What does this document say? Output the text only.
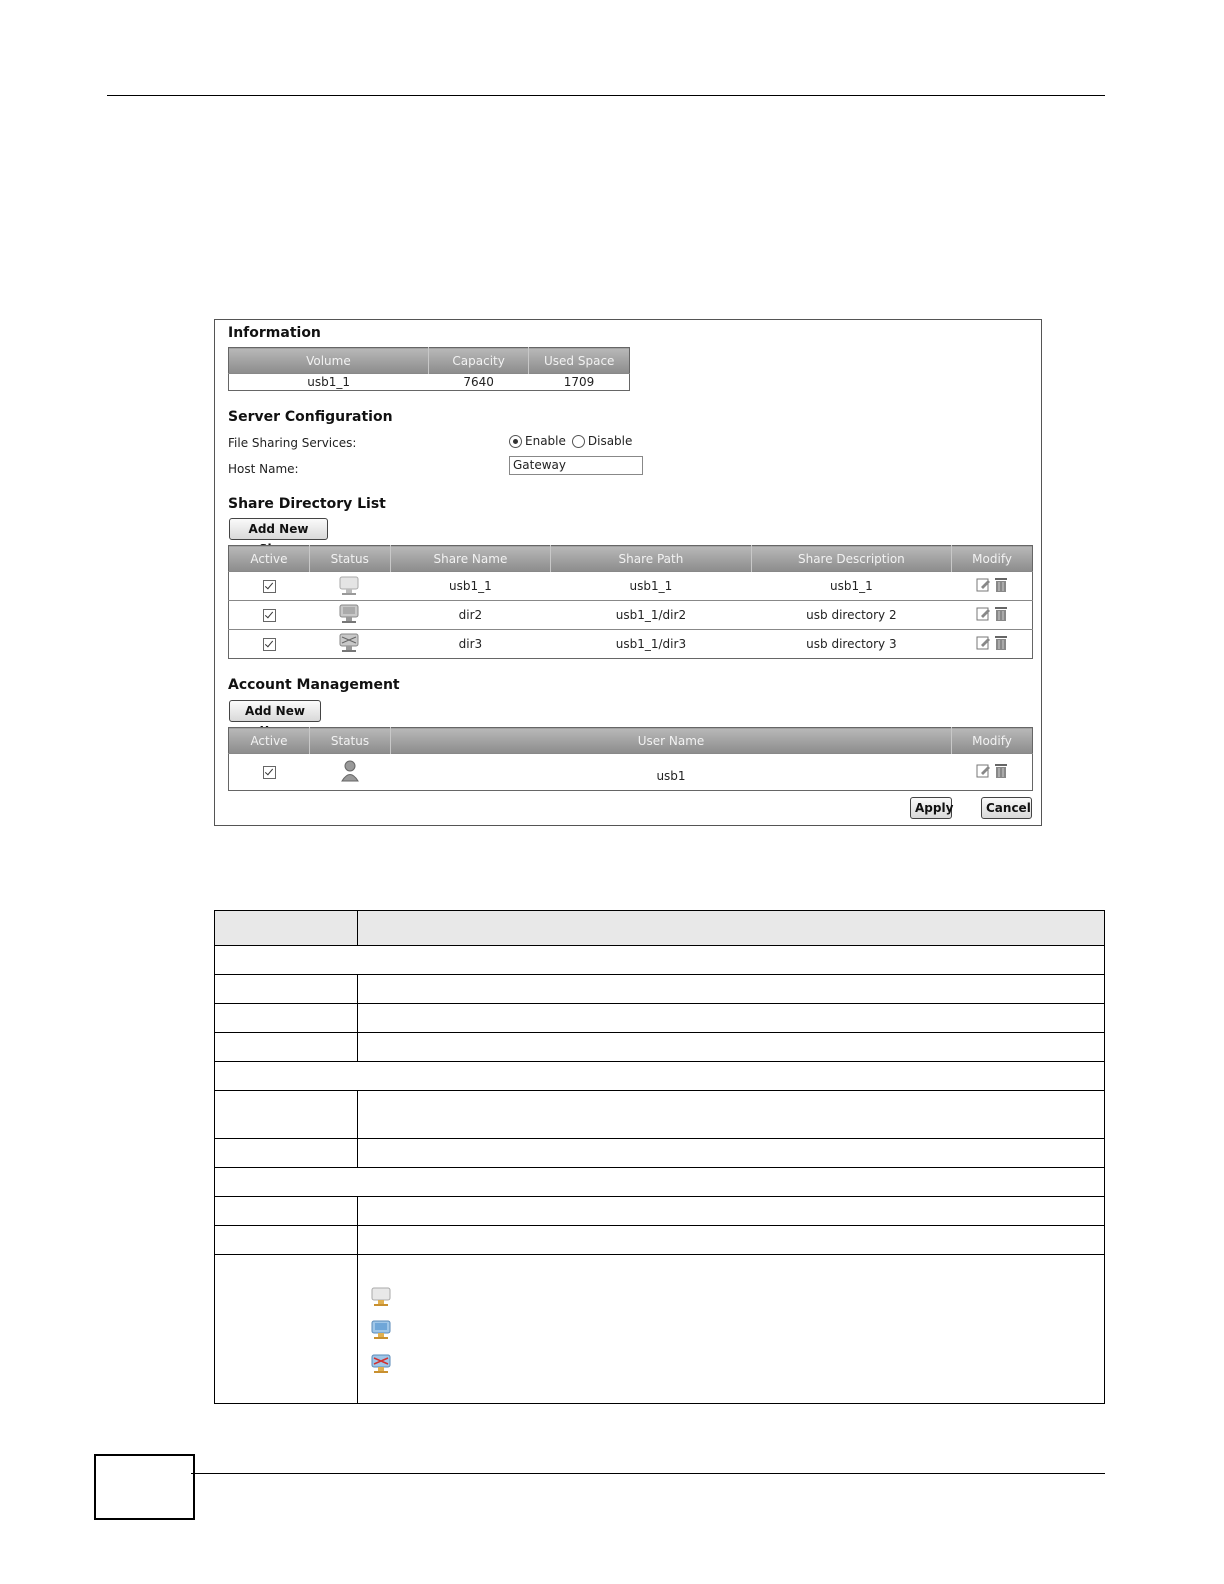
Information
Volume	Capacity	Used Space
usb1_1	7640	1709
Server Configuration
File Sharing Services:	Enable Disable
Host Name:	Gateway
Share Directory List
Add New
Active	Status	Share Name	Share Path	Share Description	Modify
		usb1_1	usb1_1	usb1_1	

		dir2	usb1_1/dir2	usb directory 2	

		dir3	usb1_1/dir3	usb directory 3	
Account Management
Add New
Active	Status	User Name	Modify
		usb1	
Apply	Cancel
